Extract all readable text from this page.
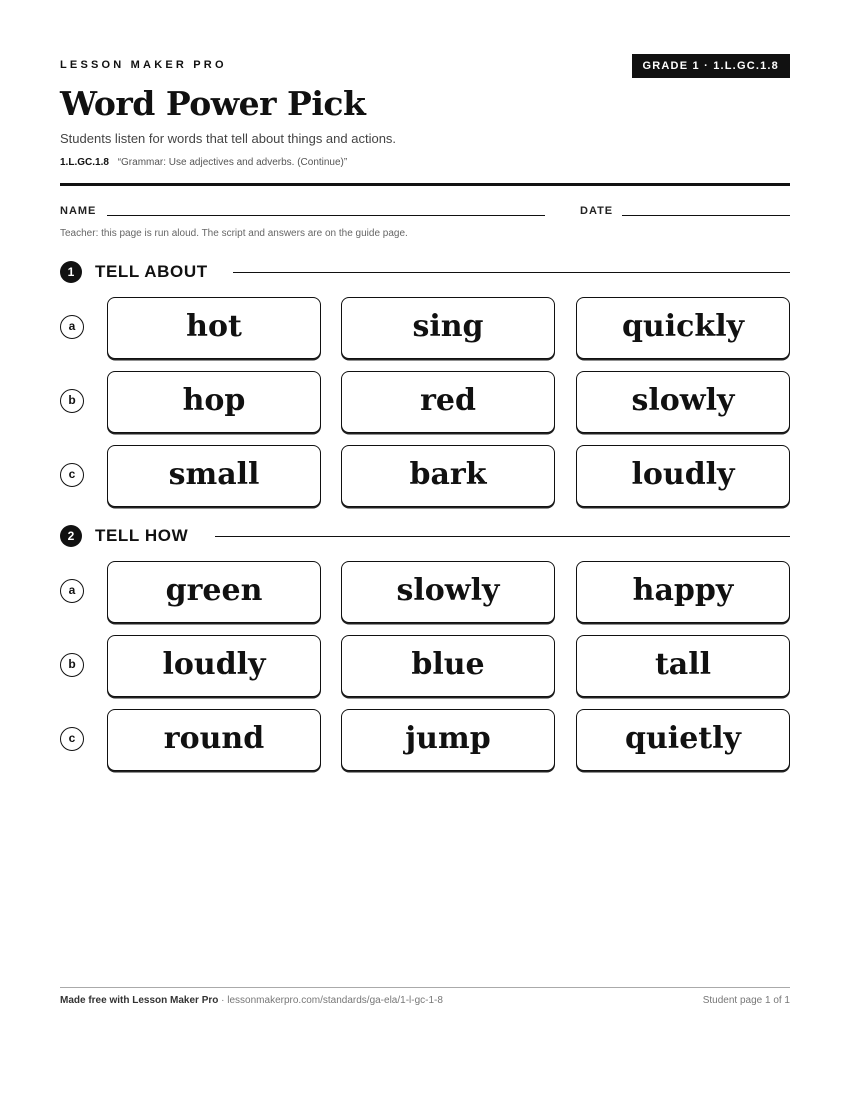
LESSON MAKER PRO	GRADE 1 · 1.L.GC.1.8
Word Power Pick
Students listen for words that tell about things and actions.
1.L.GC.1.8 “Grammar: Use adjectives and adverbs. (Continue)”
NAME	DATE
Teacher: this page is run aloud. The script and answers are on the guide page.
1	TELL ABOUT
a	hot	sing	quickly
b	hop	red	slowly
c	small	bark	loudly
2	TELL HOW
a	green	slowly	happy
b	loudly	blue	tall
c	round	jump	quietly
Made free with Lesson Maker Pro · lessonmakerpro.com/standards/ga-ela/1-l-gc-1-8	Student page 1 of 1
